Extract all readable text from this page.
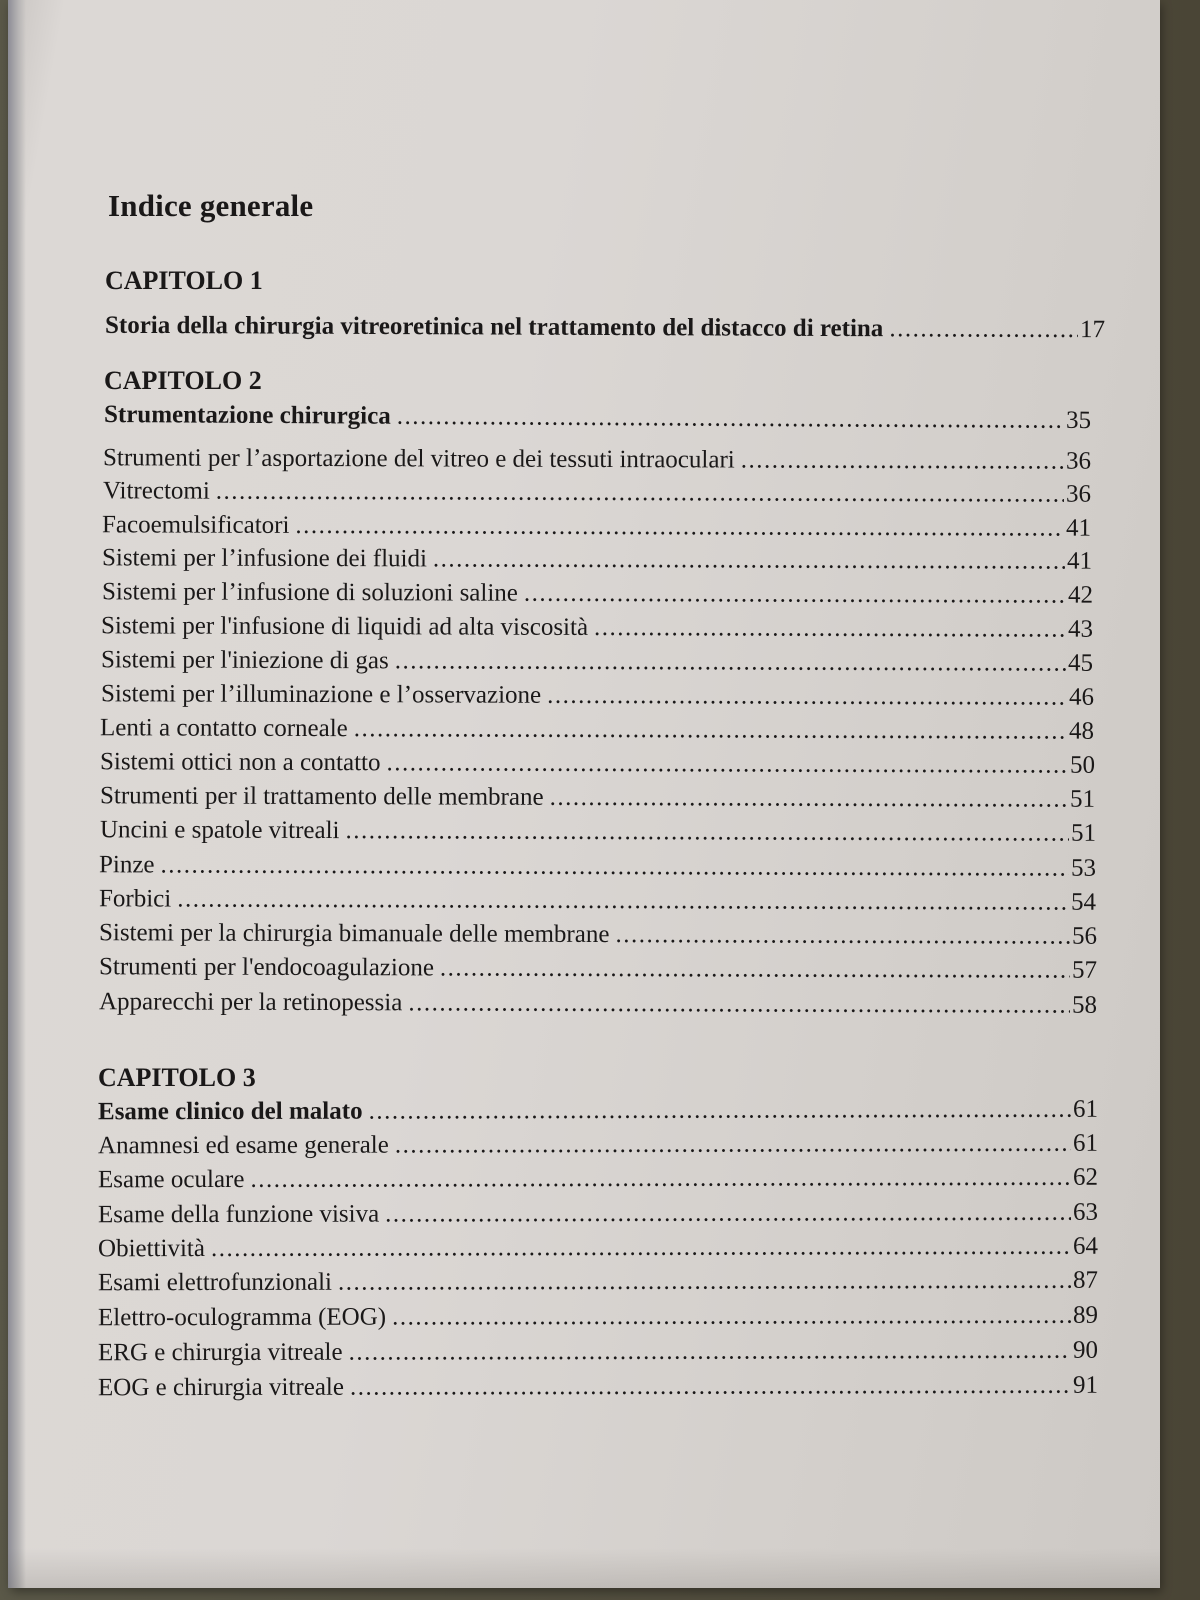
Indice generale
CAPITOLO 1
Storia della chirurgia vitreoretinica nel trattamento del distacco di retina .....	17
CAPITOLO 2
Strumentazione chirurgica .....	35
Strumenti per l’asportazione del vitreo e dei tessuti intraoculari .....	36
Vitrectomi .....	36
Facoemulsificatori .....	41
Sistemi per l’infusione dei fluidi .....	41
Sistemi per l’infusione di soluzioni saline .....	42
Sistemi per l'infusione di liquidi ad alta viscosità .....	43
Sistemi per l'iniezione di gas .....	45
Sistemi per l’illuminazione e l’osservazione .....	46
Lenti a contatto corneale .....	48
Sistemi ottici non a contatto .....	50
Strumenti per il trattamento delle membrane .....	51
Uncini e spatole vitreali .....	51
Pinze .....	53
Forbici .....	54
Sistemi per la chirurgia bimanuale delle membrane .....	56
Strumenti per l'endocoagulazione .....	57
Apparecchi per la retinopessia .....	58
CAPITOLO 3
Esame clinico del malato .....	61
Anamnesi ed esame generale .....	61
Esame oculare .....	62
Esame della funzione visiva .....	63
Obiettività .....	64
Esami elettrofunzionali .....	87
Elettro-oculogramma (EOG) .....	89
ERG e chirurgia vitreale .....	90
EOG e chirurgia vitreale .....	91
